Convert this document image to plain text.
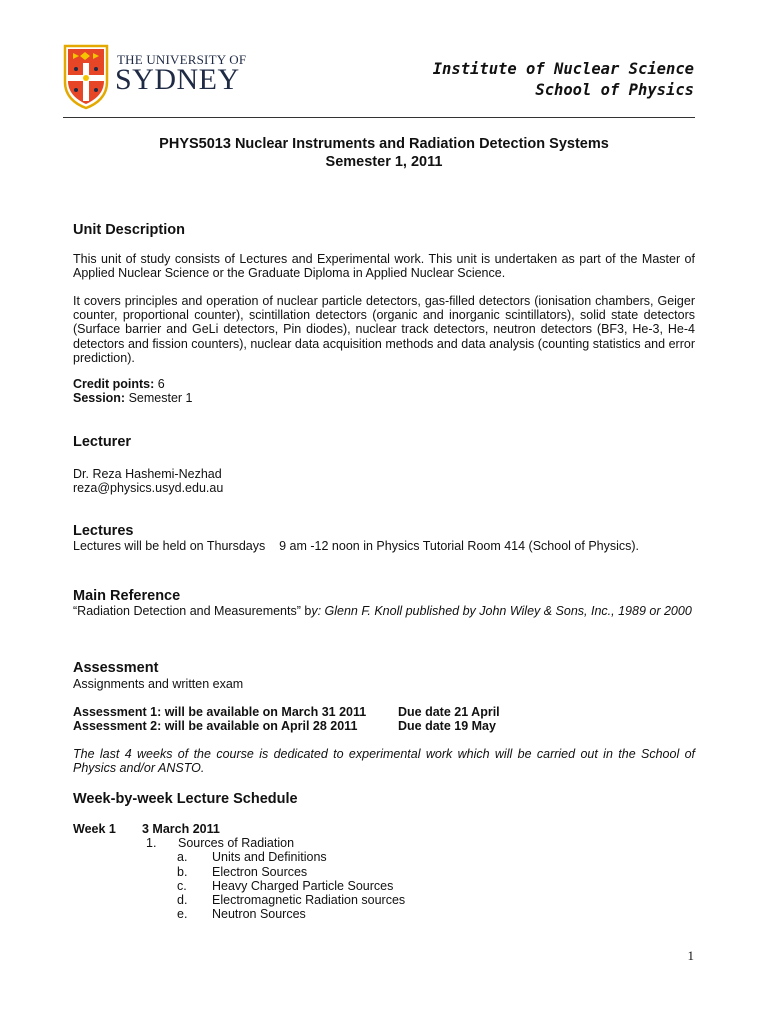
THE UNIVERSITY OF
SYDNEY	Institute of Nuclear Science
School of Physics
PHYS5013 Nuclear Instruments and Radiation Detection Systems
Semester 1, 2011
Unit Description

This unit of study consists of Lectures and Experimental work. This unit is undertaken as part of the Master of Applied Nuclear Science or the Graduate Diploma in Applied Nuclear Science.

It covers principles and operation of nuclear particle detectors, gas-filled detectors (ionisation chambers, Geiger counter, proportional counter), scintillation detectors (organic and inorganic scintillators), solid state detectors (Surface barrier and GeLi detectors, Pin diodes), nuclear track detectors, neutron detectors (BF3, He-3, He-4 detectors and fission counters), nuclear data acquisition methods and data analysis (counting statistics and error prediction).

Credit points: 6
Session: Semester 1
Lecturer
Dr. Reza Hashemi-Nezhad
reza@physics.usyd.edu.au
Lectures
Lectures will be held on Thursdays    9 am -12 noon in Physics Tutorial Room 414 (School of Physics).
Main Reference

“Radiation Detection and Measurements” by: Glenn F. Knoll published by John Wiley & Sons, Inc., 1989 or 2000

Assessment
Assignments and written exam
Assessment 1: will be available on March 31 2011	Due date 21 April
Assessment 2: will be available on April 28 2011	Due date 19 May

The last 4 weeks of the course is dedicated to experimental work which will be carried out in the School of Physics and/or ANSTO.

Week-by-week Lecture Schedule
Week 1 3 March 2011
1. Sources of Radiation
a. Units and Definitions
b. Electron Sources
c. Heavy Charged Particle Sources
d. Electromagnetic Radiation sources
e. Neutron Sources
1
